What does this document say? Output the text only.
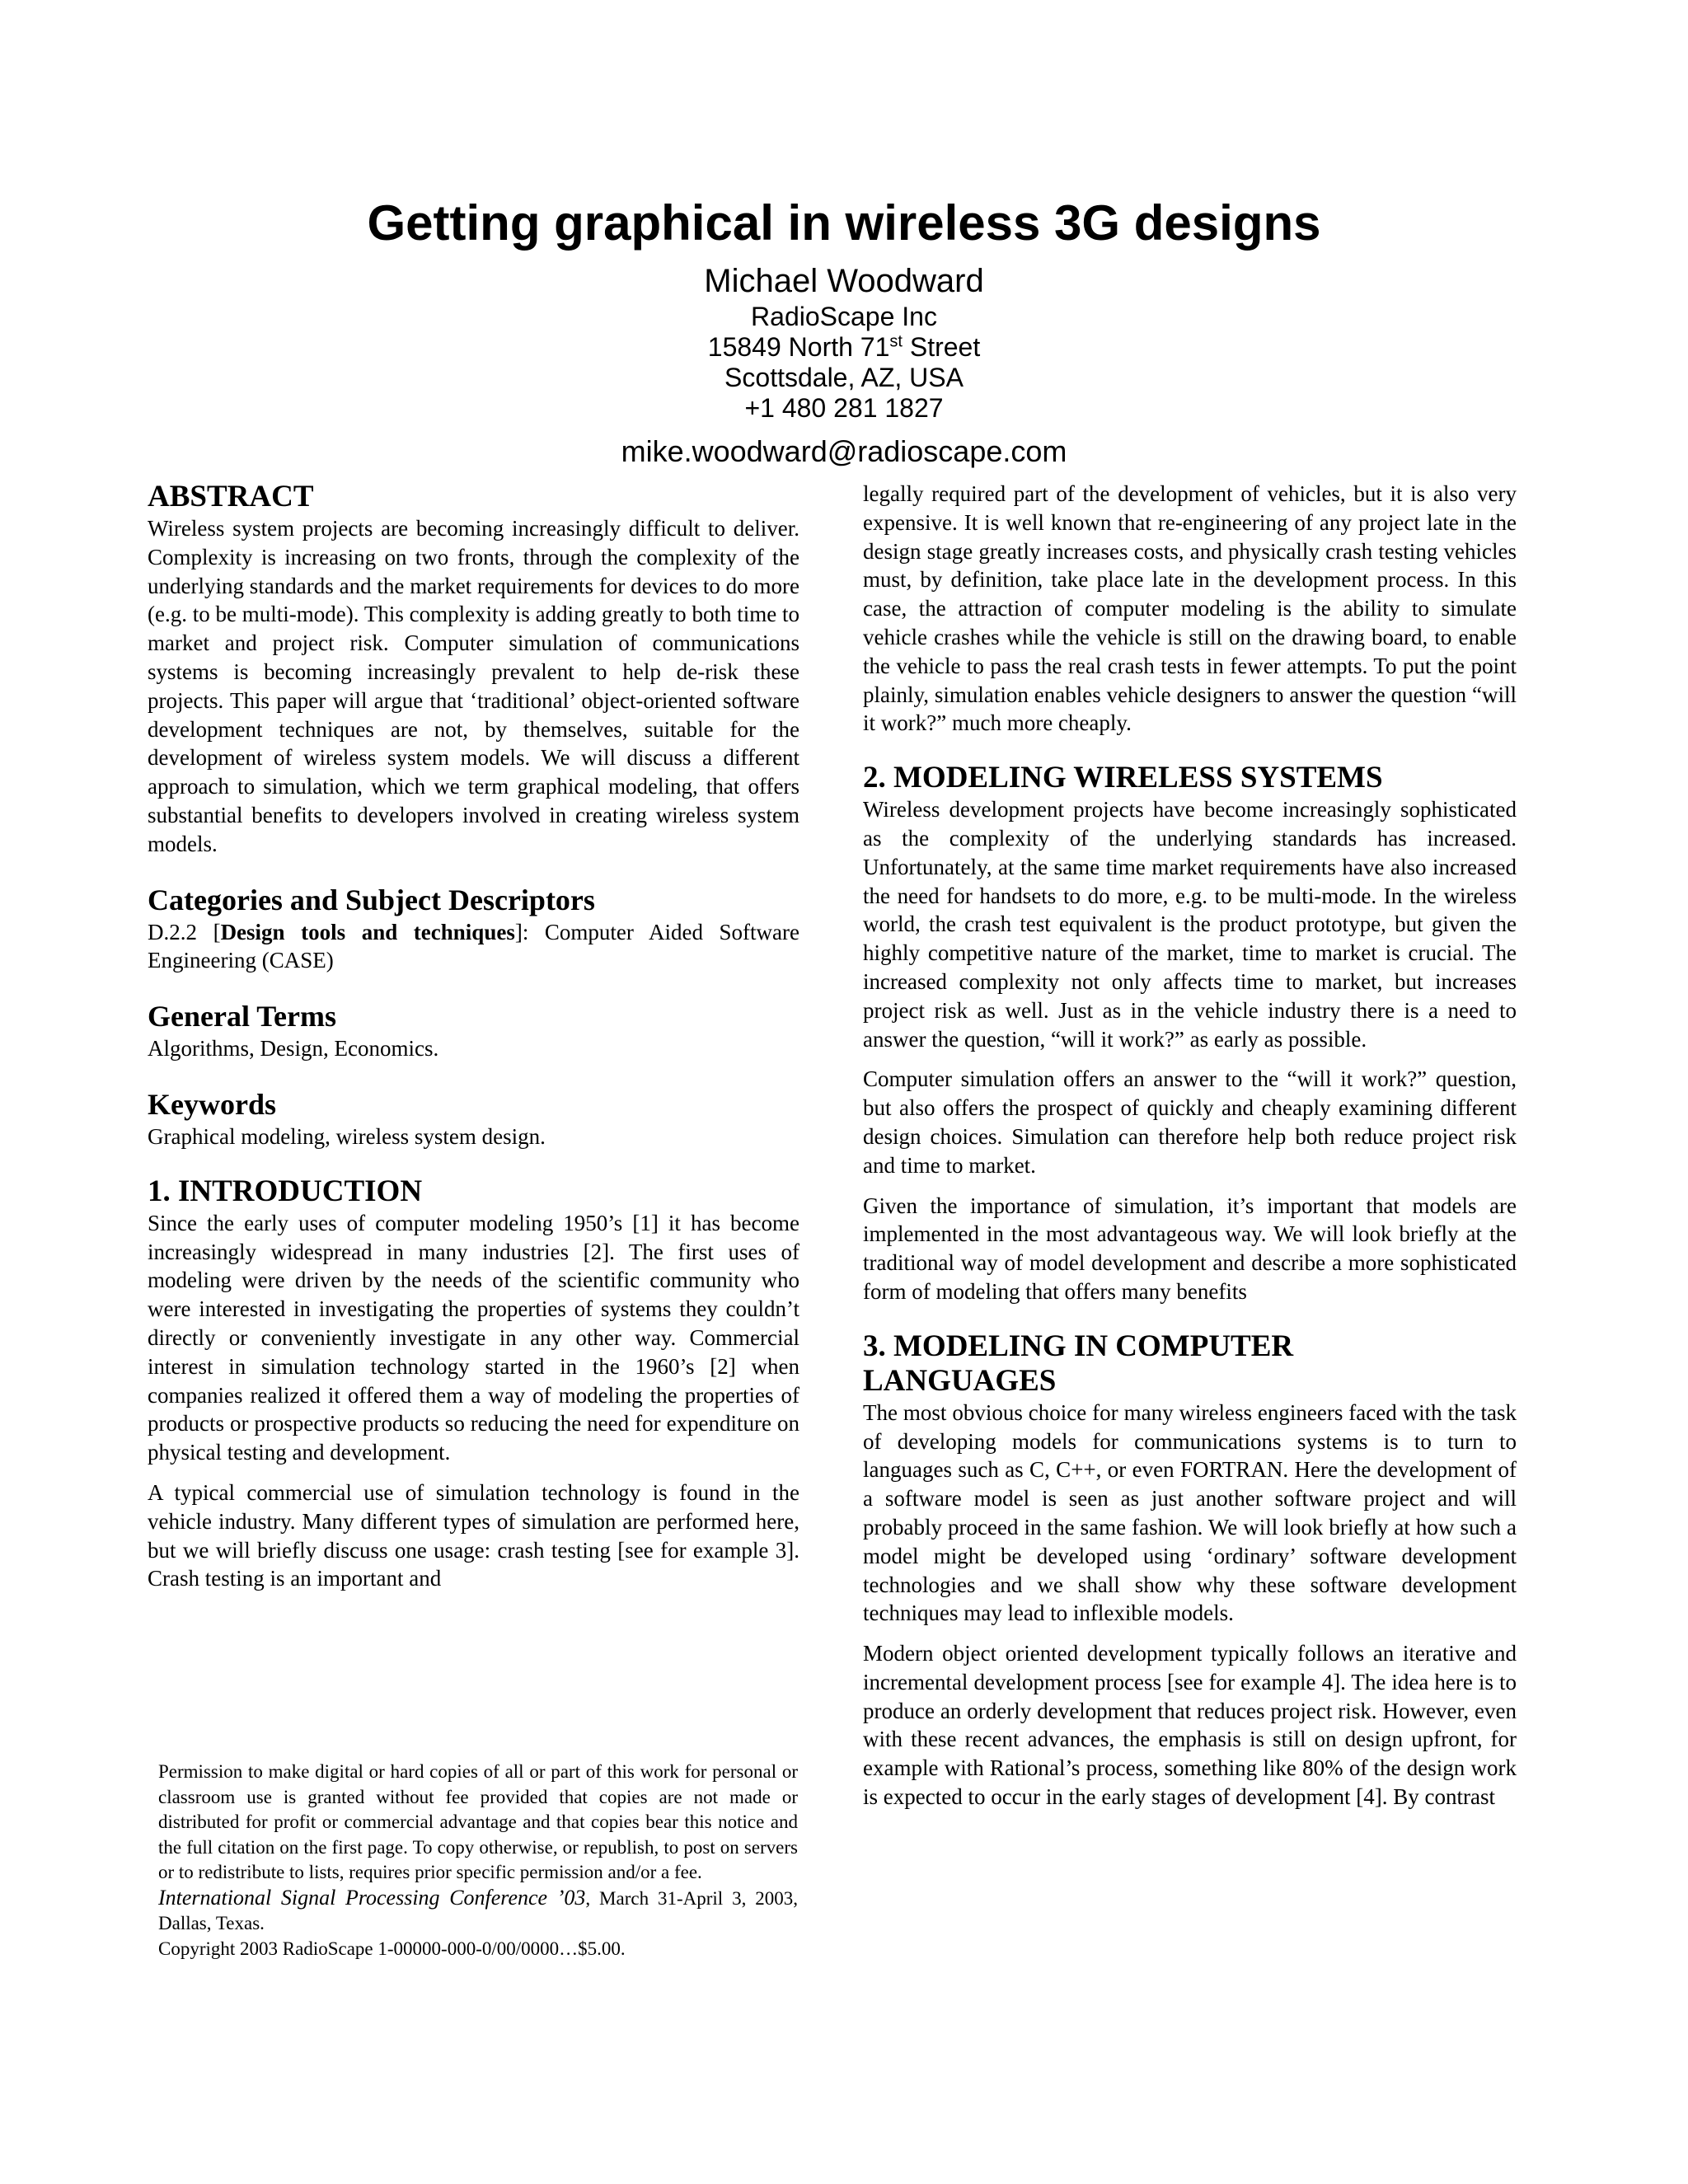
Getting graphical in wireless 3G designs
Michael Woodward
RadioScape Inc
15849 North 71st Street
Scottsdale, AZ, USA
+1 480 281 1827
mike.woodward@radioscape.com
ABSTRACT

Wireless system projects are becoming increasingly difficult to deliver. Complexity is increasing on two fronts, through the complexity of the underlying standards and the market requirements for devices to do more (e.g. to be multi-mode). This complexity is adding greatly to both time to market and project risk. Computer simulation of communications systems is becoming increasingly prevalent to help de-risk these projects. This paper will argue that ‘traditional’ object-oriented software development techniques are not, by themselves, suitable for the development of wireless system models. We will discuss a different approach to simulation, which we term graphical modeling, that offers substantial benefits to developers involved in creating wireless system models.

Categories and Subject Descriptors

D.2.2 [Design tools and techniques]: Computer Aided Software Engineering (CASE)

General Terms

Algorithms, Design, Economics.

Keywords

Graphical modeling, wireless system design.

1. INTRODUCTION

Since the early uses of computer modeling 1950’s [1] it has become increasingly widespread in many industries [2]. The first uses of modeling were driven by the needs of the scientific community who were interested in investigating the properties of systems they couldn’t directly or conveniently investigate in any other way. Commercial interest in simulation technology started in the 1960’s [2] when companies realized it offered them a way of modeling the properties of products or prospective products so reducing the need for expenditure on physical testing and development.

A typical commercial use of simulation technology is found in the vehicle industry. Many different types of simulation are performed here, but we will briefly discuss one usage: crash testing [see for example 3]. Crash testing is an important and

Permission to make digital or hard copies of all or part of this work for personal or classroom use is granted without fee provided that copies are not made or distributed for profit or commercial advantage and that copies bear this notice and the full citation on the first page. To copy otherwise, or republish, to post on servers or to redistribute to lists, requires prior specific permission and/or a fee.
International Signal Processing Conference ’03, March 31-April 3, 2003, Dallas, Texas.
Copyright 2003 RadioScape 1-00000-000-0/00/0000…$5.00.

legally required part of the development of vehicles, but it is also very expensive. It is well known that re-engineering of any project late in the design stage greatly increases costs, and physically crash testing vehicles must, by definition, take place late in the development process. In this case, the attraction of computer modeling is the ability to simulate vehicle crashes while the vehicle is still on the drawing board, to enable the vehicle to pass the real crash tests in fewer attempts. To put the point plainly, simulation enables vehicle designers to answer the question “will it work?” much more cheaply.

2. MODELING WIRELESS SYSTEMS

Wireless development projects have become increasingly sophisticated as the complexity of the underlying standards has increased. Unfortunately, at the same time market requirements have also increased the need for handsets to do more, e.g. to be multi-mode. In the wireless world, the crash test equivalent is the product prototype, but given the highly competitive nature of the market, time to market is crucial. The increased complexity not only affects time to market, but increases project risk as well. Just as in the vehicle industry there is a need to answer the question, “will it work?” as early as possible.

Computer simulation offers an answer to the “will it work?” question, but also offers the prospect of quickly and cheaply examining different design choices. Simulation can therefore help both reduce project risk and time to market.

Given the importance of simulation, it’s important that models are implemented in the most advantageous way. We will look briefly at the traditional way of model development and describe a more sophisticated form of modeling that offers many benefits

3. MODELING IN COMPUTER
LANGUAGES

The most obvious choice for many wireless engineers faced with the task of developing models for communications systems is to turn to languages such as C, C++, or even FORTRAN. Here the development of a software model is seen as just another software project and will probably proceed in the same fashion. We will look briefly at how such a model might be developed using ‘ordinary’ software development technologies and we shall show why these software development techniques may lead to inflexible models.

Modern object oriented development typically follows an iterative and incremental development process [see for example 4]. The idea here is to produce an orderly development that reduces project risk. However, even with these recent advances, the emphasis is still on design upfront, for example with Rational’s process, something like 80% of the design work is expected to occur in the early stages of development [4]. By contrast
